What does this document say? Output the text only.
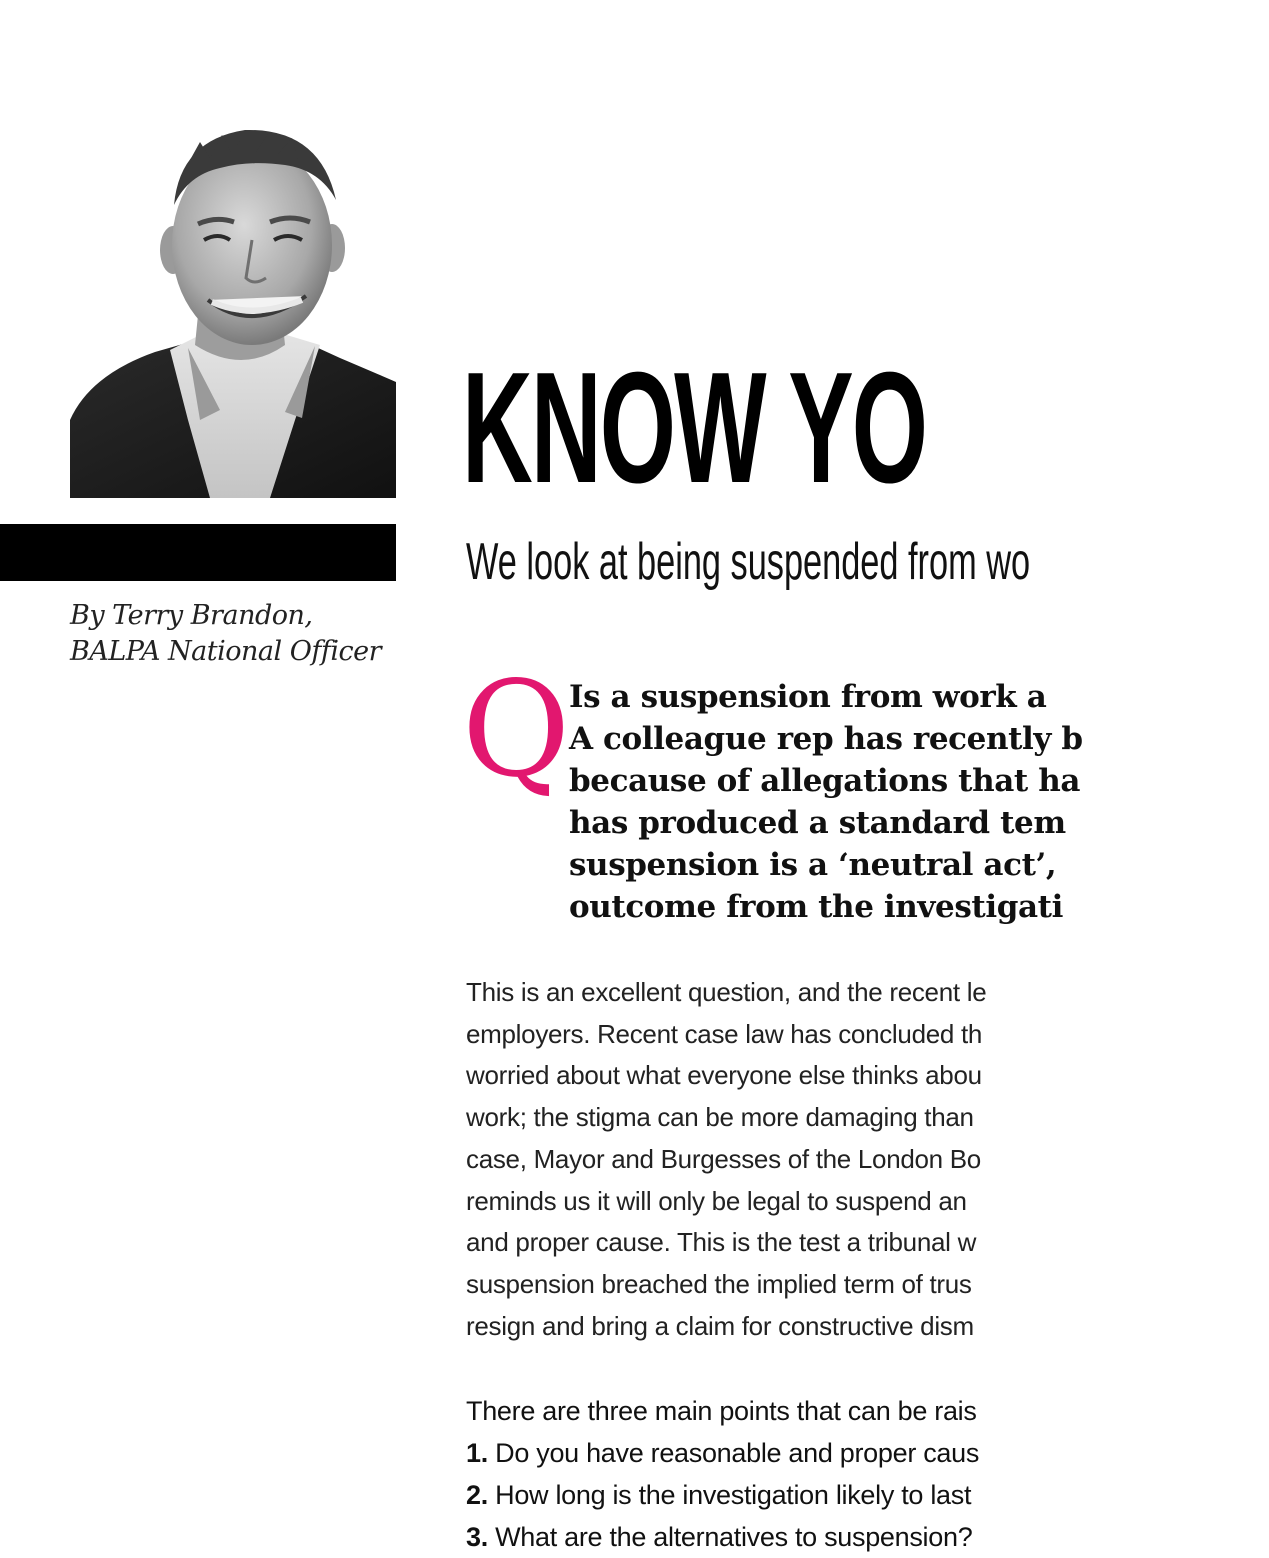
By Terry Brandon,
BALPA National Officer
KNOW YO
We look at being suspended from wo
Q
Is a suspension from work a
A colleague rep has recently b
because of allegations that ha
has produced a standard tem
suspension is a ‘neutral act’,
outcome from the investigati
This is an excellent question, and the recent le
employers. Recent case law has concluded th
worried about what everyone else thinks abou
work; the stigma can be more damaging than
case, Mayor and Burgesses of the London Bo
reminds us it will only be legal to suspend an
and proper cause. This is the test a tribunal w
suspension breached the implied term of trus
resign and bring a claim for constructive dism
There are three main points that can be rais
1. Do you have reasonable and proper caus
2. How long is the investigation likely to last
3. What are the alternatives to suspension?
